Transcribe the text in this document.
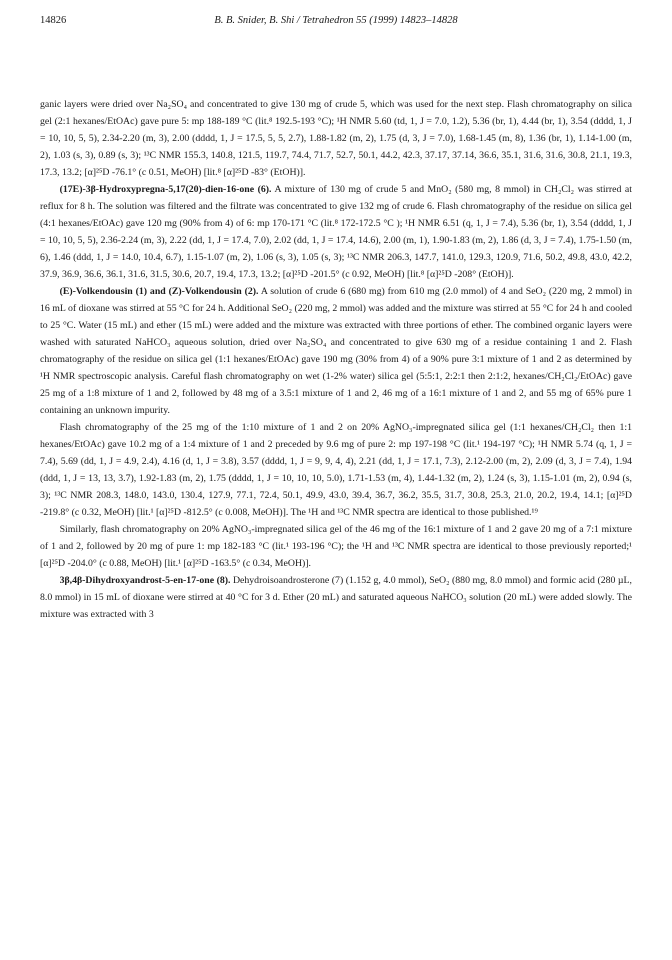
14826	B. B. Snider, B. Shi / Tetrahedron 55 (1999) 14823–14828

ganic layers were dried over Na₂SO₄ and concentrated to give 130 mg of crude 5, which was used for the next step. Flash chromatography on silica gel (2:1 hexanes/EtOAc) gave pure 5: mp 188-189 °C (lit.⁸ 192.5-193 °C); ¹H NMR 5.60 (td, 1, J = 7.0, 1.2), 5.36 (br, 1), 4.44 (br, 1), 3.54 (dddd, 1, J = 10, 10, 5, 5), 2.34-2.20 (m, 3), 2.00 (dddd, 1, J = 17.5, 5, 5, 2.7), 1.88-1.82 (m, 2), 1.75 (d, 3, J = 7.0), 1.68-1.45 (m, 8), 1.36 (br, 1), 1.14-1.00 (m, 2), 1.03 (s, 3), 0.89 (s, 3); ¹³C NMR 155.3, 140.8, 121.5, 119.7, 74.4, 71.7, 52.7, 50.1, 44.2, 42.3, 37.17, 37.14, 36.6, 35.1, 31.6, 31.6, 30.8, 21.1, 19.3, 17.3, 13.2; [α]²⁵D -76.1° (c 0.51, MeOH) [lit.⁸ [α]²⁵D -83° (EtOH)].

(17E)-3β-Hydroxypregna-5,17(20)-dien-16-one (6). A mixture of 130 mg of crude 5 and MnO₂ (580 mg, 8 mmol) in CH₂Cl₂ was stirred at reflux for 8 h. The solution was filtered and the filtrate was concentrated to give 132 mg of crude 6. Flash chromatography of the residue on silica gel (4:1 hexanes/EtOAc) gave 120 mg (90% from 4) of 6: mp 170-171 °C (lit.⁸ 172-172.5 °C ); ¹H NMR 6.51 (q, 1, J = 7.4), 5.36 (br, 1), 3.54 (dddd, 1, J = 10, 10, 5, 5), 2.36-2.24 (m, 3), 2.22 (dd, 1, J = 17.4, 7.0), 2.02 (dd, 1, J = 17.4, 14.6), 2.00 (m, 1), 1.90-1.83 (m, 2), 1.86 (d, 3, J = 7.4), 1.75-1.50 (m, 6), 1.46 (ddd, 1, J = 14.0, 10.4, 6.7), 1.15-1.07 (m, 2), 1.06 (s, 3), 1.05 (s, 3); ¹³C NMR 206.3, 147.7, 141.0, 129.3, 120.9, 71.6, 50.2, 49.8, 43.0, 42.2, 37.9, 36.9, 36.6, 36.1, 31.6, 31.5, 30.6, 20.7, 19.4, 17.3, 13.2; [α]²⁵D -201.5° (c 0.92, MeOH) [lit.⁸ [α]²⁵D -208° (EtOH)].

(E)-Volkendousin (1) and (Z)-Volkendousin (2). A solution of crude 6 (680 mg) from 610 mg (2.0 mmol) of 4 and SeO₂ (220 mg, 2 mmol) in 16 mL of dioxane was stirred at 55 °C for 24 h. Additional SeO₂ (220 mg, 2 mmol) was added and the mixture was stirred at 55 °C for 24 h and cooled to 25 °C. Water (15 mL) and ether (15 mL) were added and the mixture was extracted with three portions of ether. The combined organic layers were washed with saturated NaHCO₃ aqueous solution, dried over Na₂SO₄ and concentrated to give 630 mg of a residue containing 1 and 2. Flash chromatography of the residue on silica gel (1:1 hexanes/EtOAc) gave 190 mg (30% from 4) of a 90% pure 3:1 mixture of 1 and 2 as determined by ¹H NMR spectroscopic analysis. Careful flash chromatography on wet (1-2% water) silica gel (5:5:1, 2:2:1 then 2:1:2, hexanes/CH₂Cl₂/EtOAc) gave 25 mg of a 1:8 mixture of 1 and 2, followed by 48 mg of a 3.5:1 mixture of 1 and 2, 46 mg of a 16:1 mixture of 1 and 2, and 55 mg of 65% pure 1 containing an unknown impurity.

Flash chromatography of the 25 mg of the 1:10 mixture of 1 and 2 on 20% AgNO₃-impregnated silica gel (1:1 hexanes/CH₂Cl₂ then 1:1 hexanes/EtOAc) gave 10.2 mg of a 1:4 mixture of 1 and 2 preceded by 9.6 mg of pure 2: mp 197-198 °C (lit.¹ 194-197 °C); ¹H NMR 5.74 (q, 1, J = 7.4), 5.69 (dd, 1, J = 4.9, 2.4), 4.16 (d, 1, J = 3.8), 3.57 (dddd, 1, J = 9, 9, 4, 4), 2.21 (dd, 1, J = 17.1, 7.3), 2.12-2.00 (m, 2), 2.09 (d, 3, J = 7.4), 1.94 (ddd, 1, J = 13, 13, 3.7), 1.92-1.83 (m, 2), 1.75 (dddd, 1, J = 10, 10, 10, 5.0), 1.71-1.53 (m, 4), 1.44-1.32 (m, 2), 1.24 (s, 3), 1.15-1.01 (m, 2), 0.94 (s, 3); ¹³C NMR 208.3, 148.0, 143.0, 130.4, 127.9, 77.1, 72.4, 50.1, 49.9, 43.0, 39.4, 36.7, 36.2, 35.5, 31.7, 30.8, 25.3, 21.0, 20.2, 19.4, 14.1; [α]²⁵D -219.8° (c 0.32, MeOH) [lit.¹ [α]²⁵D -812.5° (c 0.008, MeOH)]. The ¹H and ¹³C NMR spectra are identical to those published.¹⁹

Similarly, flash chromatography on 20% AgNO₃-impregnated silica gel of the 46 mg of the 16:1 mixture of 1 and 2 gave 20 mg of a 7:1 mixture of 1 and 2, followed by 20 mg of pure 1: mp 182-183 °C (lit.¹ 193-196 °C); the ¹H and ¹³C NMR spectra are identical to those previously reported;¹ [α]²⁵D -204.0° (c 0.88, MeOH) [lit.¹ [α]²⁵D -163.5° (c 0.34, MeOH)].

3β,4β-Dihydroxyandrost-5-en-17-one (8). Dehydroisoandrosterone (7) (1.152 g, 4.0 mmol), SeO₂ (880 mg, 8.0 mmol) and formic acid (280 µL, 8.0 mmol) in 15 mL of dioxane were stirred at 40 °C for 3 d. Ether (20 mL) and saturated aqueous NaHCO₃ solution (20 mL) were added slowly. The mixture was extracted with 3
